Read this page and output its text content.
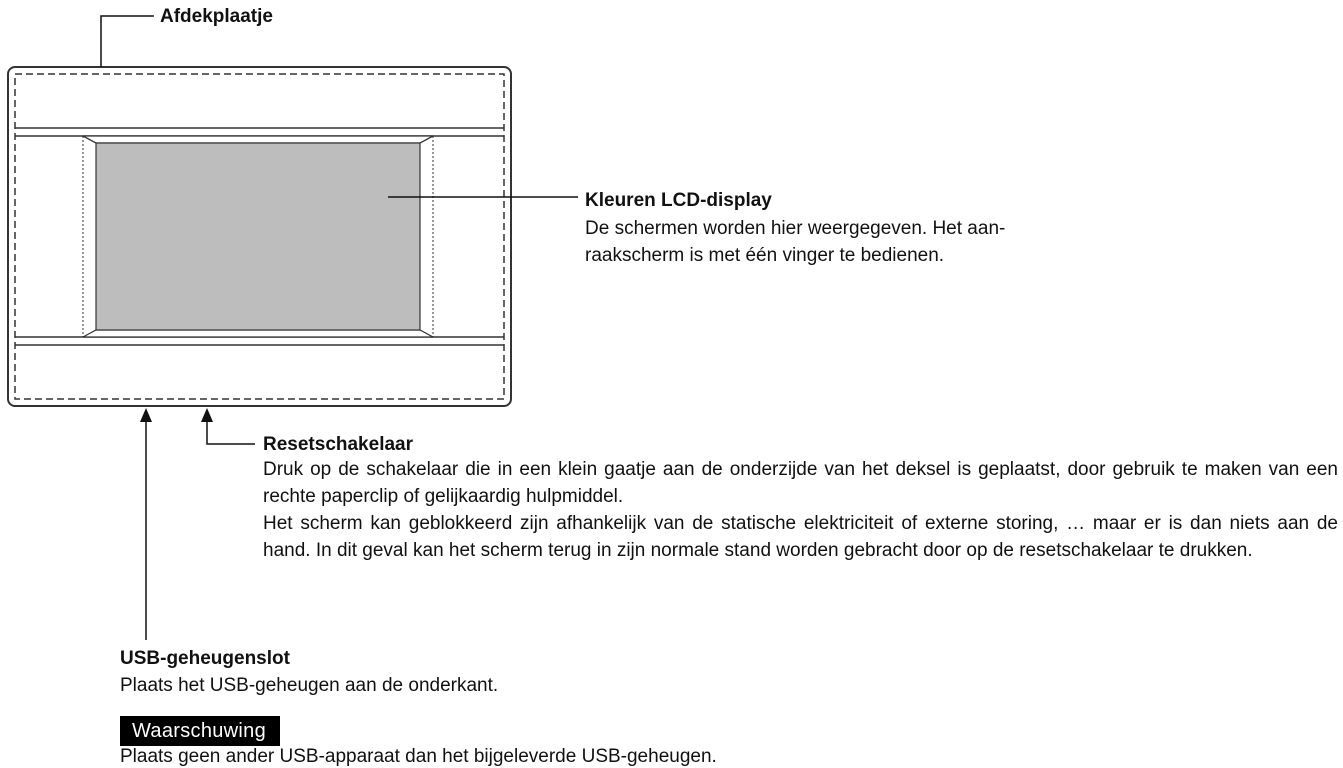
Afdekplaatje
Kleuren LCD-display
De schermen worden hier weergegeven. Het aan-
raakscherm is met één vinger te bedienen.
Resetschakelaar
Druk op de schakelaar die in een klein gaatje aan de onderzijde van het deksel is geplaatst, door gebruik te maken van een rechte paperclip of gelijkaardig hulpmiddel.
Het scherm kan geblokkeerd zijn afhankelijk van de statische elektriciteit of externe storing, … maar er is dan niets aan de hand. In dit geval kan het scherm terug in zijn normale stand worden gebracht door op de resetschakelaar te drukken.
USB-geheugenslot
Plaats het USB-geheugen aan de onderkant.
Waarschuwing
Plaats geen ander USB-apparaat dan het bijgeleverde USB-geheugen.
